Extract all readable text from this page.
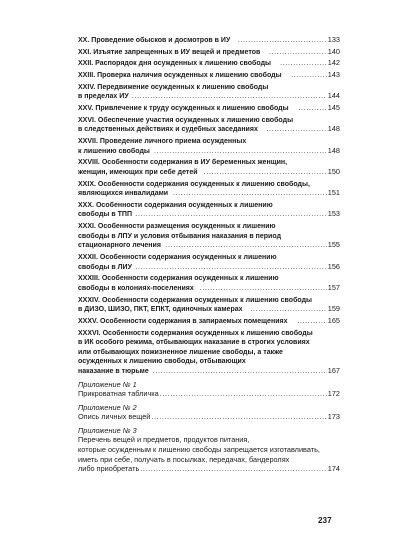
XX. Проведение обысков и досмотров в ИУ .....	133
XXI. Изъятие запрещенных в ИУ вещей и предметов .....	140
XXII. Распорядок дня осужденных к лишению свободы .....	142
XXIII. Проверка наличия осужденных к лишению свободы .....	143
XXIV. Передвижение осужденных к лишению свободы
в пределах ИУ .....	144
XXV. Привлечение к труду осужденных к лишению свободы .....	145
XXVI. Обеспечение участия осужденных к лишению свободы
в следственных действиях и судебных заседаниях .....	148
XXVII. Проведение личного приема осужденных
к лишению свободы .....	148
XXVIII. Особенности содержания в ИУ беременных женщин,
женщин, имеющих при себе детей .....	150
XXIX. Особенности содержания осужденных к лишению свободы,
являющихся инвалидами .....	151
XXX. Особенности содержания осужденных к лишению
свободы в ТПП .....	153
XXXI. Особенности размещения осужденных к лишению
свободы в ЛПУ и условия отбывания наказания в период
стационарного лечения .....	155
XXXII. Особенности содержания осужденных к лишению
свободы в ЛИУ .....	156
XXXIII. Особенности содержания осужденных к лишению
свободы в колониях-поселениях .....	157
XXXIV. Особенности содержания осужденных к лишению свободы
в ДИЗО, ШИЗО, ПКТ, ЕПКТ, одиночных камерах .....	159
XXXV. Особенности содержания в запираемых помещениях .....	165
XXXVI. Особенности содержания осужденных к лишению свободы
в ИК особого режима, отбывающих наказание в строгих условиях
или отбывающих пожизненное лишение свободы, а также
осужденных к лишению свободы, отбывающих
наказание в тюрьме .....	167
Приложение № 1
Прикроватная табличка .....	172
Приложение № 2
Опись личных вещей .....	173
Приложение № 3
Перечень вещей и предметов, продуктов питания,
которые осужденным к лишению свободы запрещается изготавливать,
иметь при себе, получать в посылках, передачах, бандеролях
либо приобретать .....	174
237
